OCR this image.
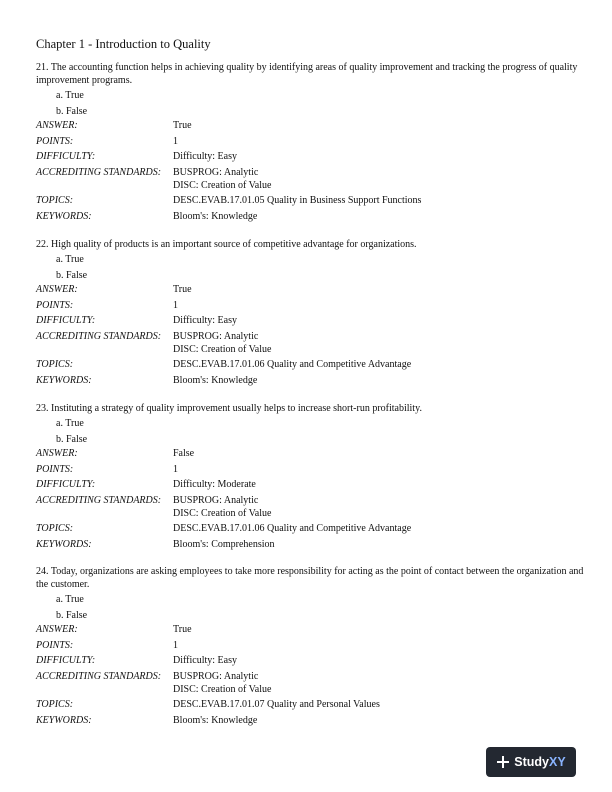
Chapter 1 - Introduction to Quality

21. The accounting function helps in achieving quality by identifying areas of quality improvement and tracking the progress of quality improvement programs.

a. True
b. False
ANSWER:	True
POINTS:	1
DIFFICULTY:	Difficulty: Easy
ACCREDITING STANDARDS:	BUSPROG: Analytic
DISC: Creation of Value
TOPICS:	DESC.EVAB.17.01.05 Quality in Business Support Functions
KEYWORDS:	Bloom's: Knowledge

22. High quality of products is an important source of competitive advantage for organizations.

a. True
b. False
ANSWER:	True
POINTS:	1
DIFFICULTY:	Difficulty: Easy
ACCREDITING STANDARDS:	BUSPROG: Analytic
DISC: Creation of Value
TOPICS:	DESC.EVAB.17.01.06 Quality and Competitive Advantage
KEYWORDS:	Bloom's: Knowledge

23. Instituting a strategy of quality improvement usually helps to increase short-run profitability.

a. True
b. False
ANSWER:	False
POINTS:	1
DIFFICULTY:	Difficulty: Moderate
ACCREDITING STANDARDS:	BUSPROG: Analytic
DISC: Creation of Value
TOPICS:	DESC.EVAB.17.01.06 Quality and Competitive Advantage
KEYWORDS:	Bloom's: Comprehension

24. Today, organizations are asking employees to take more responsibility for acting as the point of contact between the organization and the customer.

a. True
b. False
ANSWER:	True
POINTS:	1
DIFFICULTY:	Difficulty: Easy
ACCREDITING STANDARDS:	BUSPROG: Analytic
DISC: Creation of Value
TOPICS:	DESC.EVAB.17.01.07 Quality and Personal Values
KEYWORDS:	Bloom's: Knowledge
Study XY
